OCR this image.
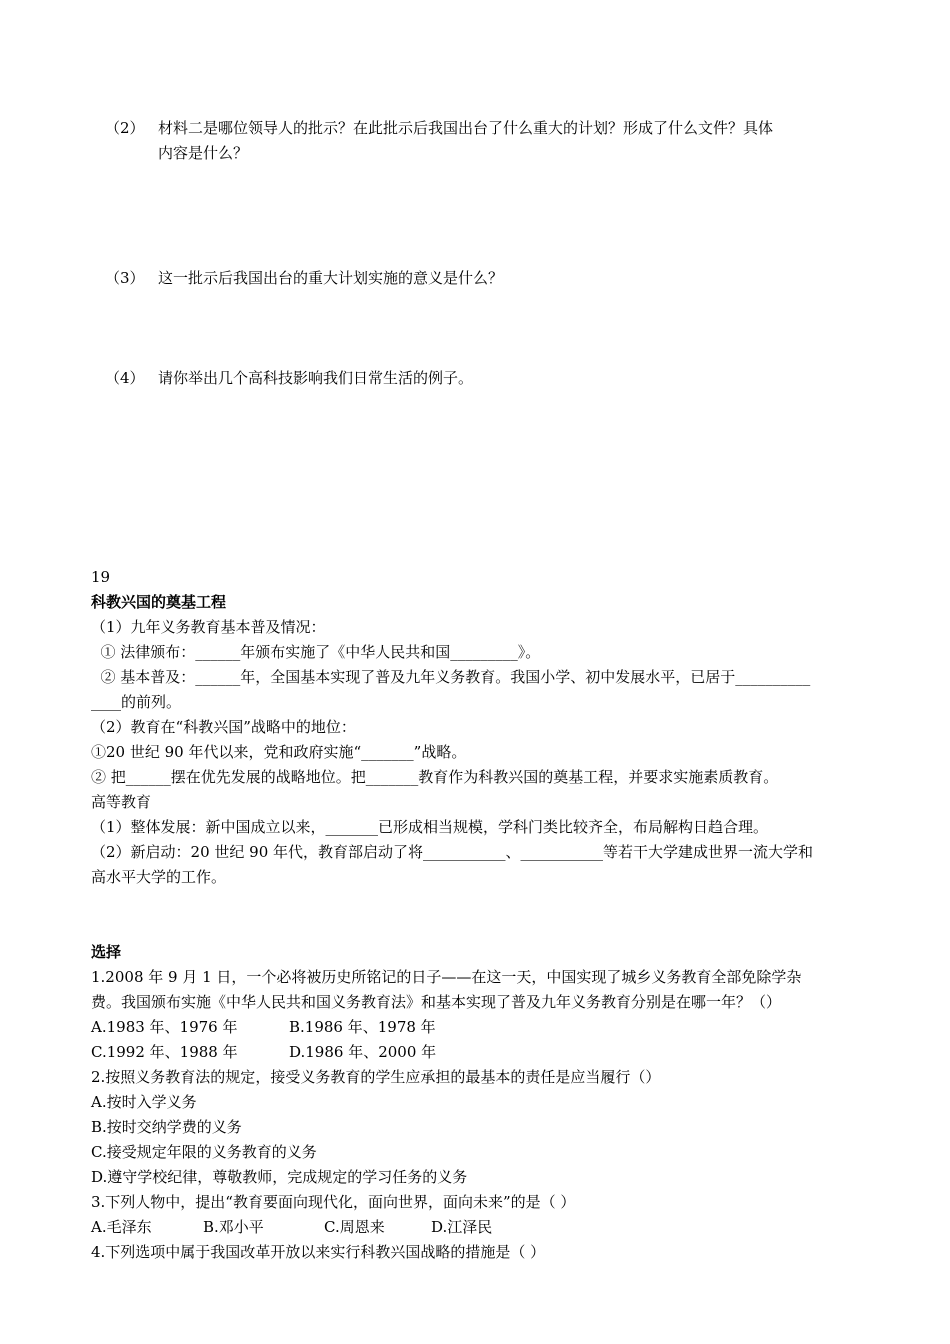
（2） 材料二是哪位领导人的批示？在此批示后我国出台了什么重大的计划？形成了什么文件？具体
内容是什么？
（3） 这一批示后我国出台的重大计划实施的意义是什么？
（4） 请你举出几个高科技影响我们日常生活的例子。
19
科教兴国的奠基工程
（1）九年义务教育基本普及情况：
① 法律颁布：______年颁布实施了《中华人民共和国_________》。
② 基本普及：______年，全国基本实现了普及九年义务教育。我国小学、初中发展水平，已居于__________
____的前列。
（2）教育在“科教兴国”战略中的地位：
①20 世纪 90 年代以来，党和政府实施“_______”战略。
② 把______摆在优先发展的战略地位。把_______教育作为科教兴国的奠基工程，并要求实施素质教育。
高等教育
（1）整体发展：新中国成立以来，_______已形成相当规模，学科门类比较齐全，布局解构日趋合理。
（2）新启动：20 世纪 90 年代，教育部启动了将___________、___________等若干大学建成世界一流大学和
高水平大学的工作。
选择
1.2008 年 9 月 1 日，一个必将被历史所铭记的日子——在这一天，中国实现了城乡义务教育全部免除学杂
费。我国颁布实施《中华人民共和国义务教育法》和基本实现了普及九年义务教育分别是在哪一年？（）
A.1983 年、1976 年	B.1986 年、1978 年
C.1992 年、1988 年	D.1986 年、2000 年
2.按照义务教育法的规定，接受义务教育的学生应承担的最基本的责任是应当履行（）
A.按时入学义务
B.按时交纳学费的义务
C.接受规定年限的义务教育的义务
D.遵守学校纪律，尊敬教师，完成规定的学习任务的义务
3.下列人物中，提出“教育要面向现代化，面向世界，面向未来”的是（ ）
A.毛泽东	B.邓小平	C.周恩来	D.江泽民
4.下列选项中属于我国改革开放以来实行科教兴国战略的措施是（ ）
